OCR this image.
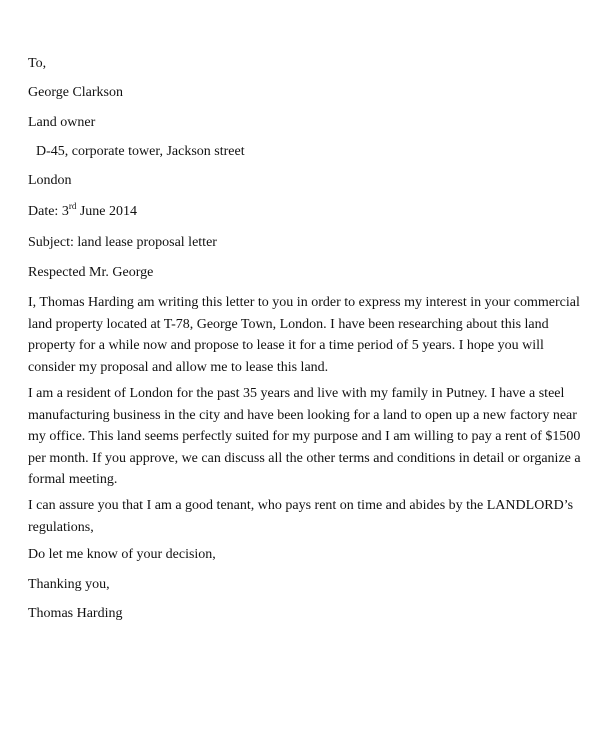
To,
George Clarkson
Land owner
D-45, corporate tower, Jackson street
London
Date: 3rd June 2014
Subject: land lease proposal letter
Respected Mr. George
I, Thomas Harding am writing this letter to you in order to express my interest in your commercial
land property located at T-78, George Town, London. I have been researching about this land
property for a while now and propose to lease it for a time period of 5 years. I hope you will
consider my proposal and allow me to lease this land.
I am a resident of London for the past 35 years and live with my family in Putney. I have a steel
manufacturing business in the city and have been looking for a land to open up a new factory near
my office. This land seems perfectly suited for my purpose and I am willing to pay a rent of $1500
per month. If you approve, we can discuss all the other terms and conditions in detail or organize a
formal meeting.
I can assure you that I am a good tenant, who pays rent on time and abides by the LANDLORD’s
regulations,
Do let me know of your decision,
Thanking you,
Thomas Harding
